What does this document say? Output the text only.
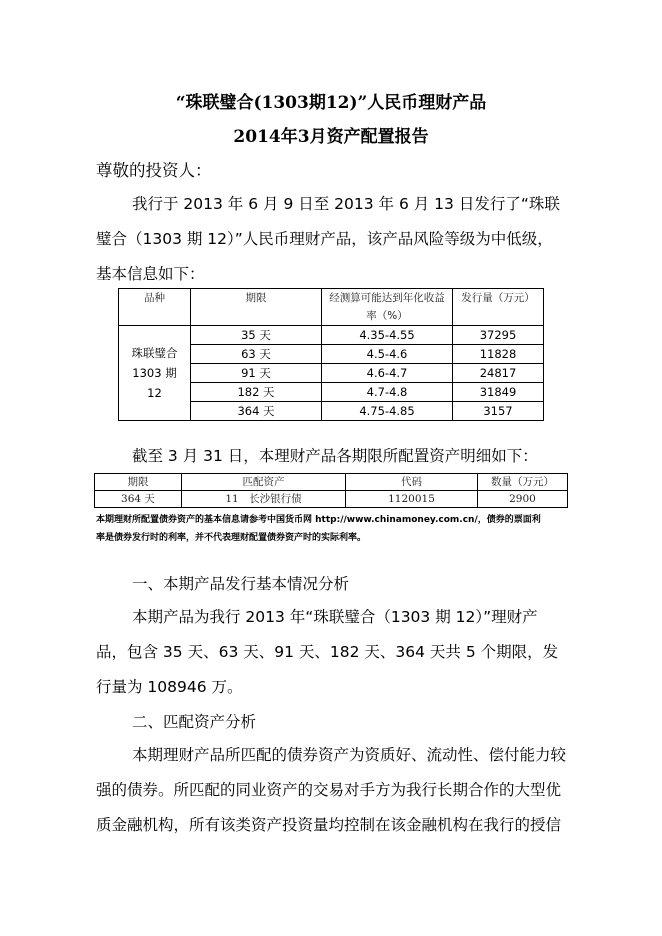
“珠联璧合(1303期12)”人民币理财产品
2014年3月资产配置报告
尊敬的投资人：
我行于 2013 年 6 月 9 日至 2013 年 6 月 13 日发行了“珠联
璧合（1303 期 12）”人民币理财产品，该产品风险等级为中低级，
基本信息如下：
品种	期限	经测算可能达到年化收益率（%）	发行量（万元）
珠联璧合 1303 期 12	35 天	4.35-4.55	37295
	63 天	4.5-4.6	11828
	91 天	4.6-4.7	24817
	182 天	4.7-4.8	31849
	364 天	4.75-4.85	3157
截至 3 月 31 日，本理财产品各期限所配置资产明细如下：
期限	匹配资产	代码	数量（万元）
364 天	11　长沙银行债	1120015	2900
本期理财所配置债券资产的基本信息请参考中国货币网 http://www.chinamoney.com.cn/，债券的票面利
率是债券发行时的利率，并不代表理财配置债券资产时的实际利率。
一、本期产品发行基本情况分析
本期产品为我行 2013 年“珠联璧合（1303 期 12）”理财产
品，包含 35 天、63 天、91 天、182 天、364 天共 5 个期限，发
行量为 108946 万。
二、匹配资产分析
本期理财产品所匹配的债券资产为资质好、流动性、偿付能力较
强的债券。所匹配的同业资产的交易对手方为我行长期合作的大型优
质金融机构，所有该类资产投资量均控制在该金融机构在我行的授信
